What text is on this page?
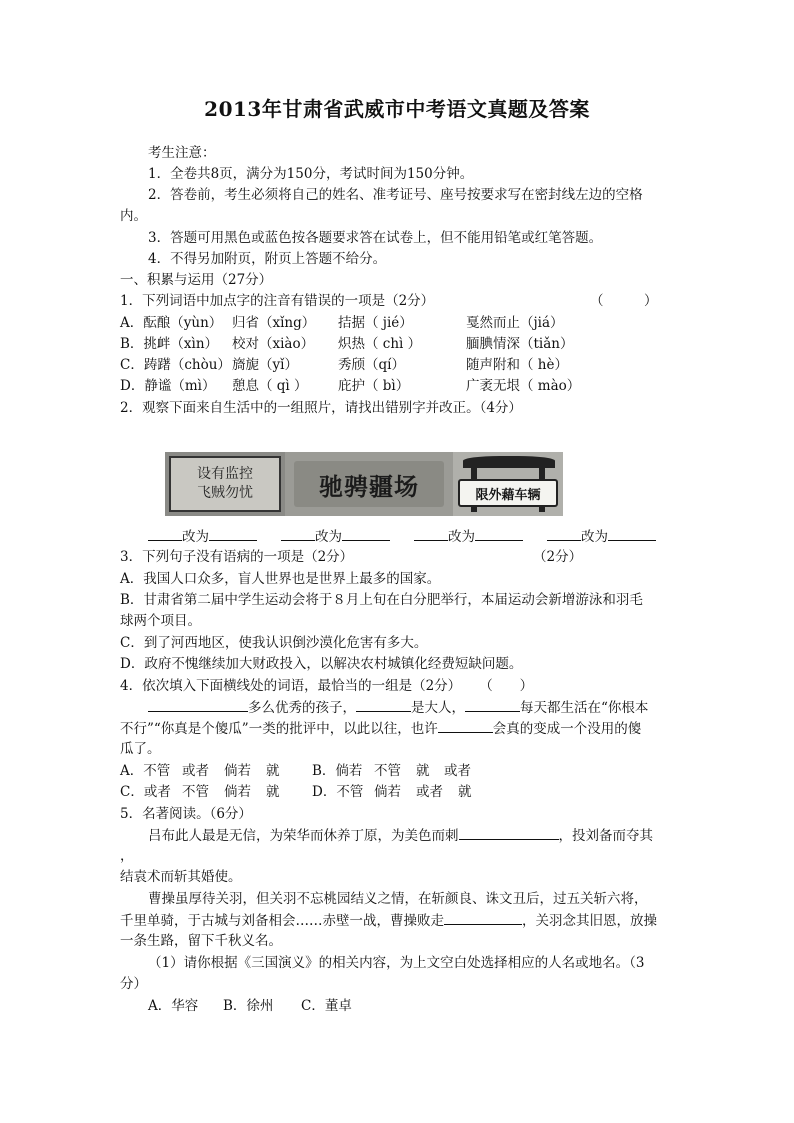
2013年甘肃省武威市中考语文真题及答案
考生注意：
1．全卷共8页，满分为150分，考试时间为150分钟。
2．答卷前，考生必须将自己的姓名、准考证号、座号按要求写在密封线左边的空格
内。
3．答题可用黑色或蓝色按各题要求答在试卷上，但不能用铅笔或红笔答题。
4．不得另加附页，附页上答题不给分。
一、积累与运用（27分）
1．下列词语中加点字的注音有错误的一项是（2分）	（　　　）
A．酝酿（yùn） 归省（xǐng） 拮据（ jié）	戛然而止（jiá）
B．挑衅（xìn） 校对（xiào） 炽热（ chì ）	腼腆情深（tiǎn）
C．踌躇（chòu）旖旎（yǐ）	秀颀（qí）	随声附和（ hè）
D．静谧（mì） 憩息（ qì ） 庇护（ bì）	广袤无垠（ mào）
2．观察下面来自生活中的一组照片，请找出错别字并改正。（4分）
设有监控
飞贼勿忧	驰骋疆场	限外藉车辆
改为	改为	改为	改为
3．下列句子没有语病的一项是（2分）	（2分）
A．我国人口众多，盲人世界也是世界上最多的国家。
B．甘肃省第二届中学生运动会将于８月上旬在白分肥举行，本届运动会新增游泳和羽毛
球两个项目。
C．到了河西地区，使我认识倒沙漠化危害有多大。
D．政府不愧继续加大财政投入，以解决农村城镇化经费短缺问题。
4．依次填入下面横线处的词语，最恰当的一组是（2分） （　　）
多么优秀的孩子，	是大人，	每天都生活在“你根本
不行”“你真是个傻瓜”一类的批评中，以此以往，也许	会真的变成一个没用的傻
瓜了。
A．不管 或者 倘若 就 B．倘若 不管 就 或者
C．或者 不管 倘若 就 D．不管 倘若 或者 就
5．名著阅读。（6分）
吕布此人最是无信，为荣华而休养丁原，为美色而刺	，投刘备而夺其
，
结袁术而斩其婚使。
曹操虽厚待关羽，但关羽不忘桃园结义之情，在斩颜良、诛文丑后，过五关斩六将，
千里单骑，于古城与刘备相会……赤壁一战，曹操败走	，关羽念其旧恩，放操
一条生路，留下千秋义名。
（1）请你根据《三国演义》的相关内容，为上文空白处选择相应的人名或地名。（3
分）
A．华容 B．徐州 C．董卓
